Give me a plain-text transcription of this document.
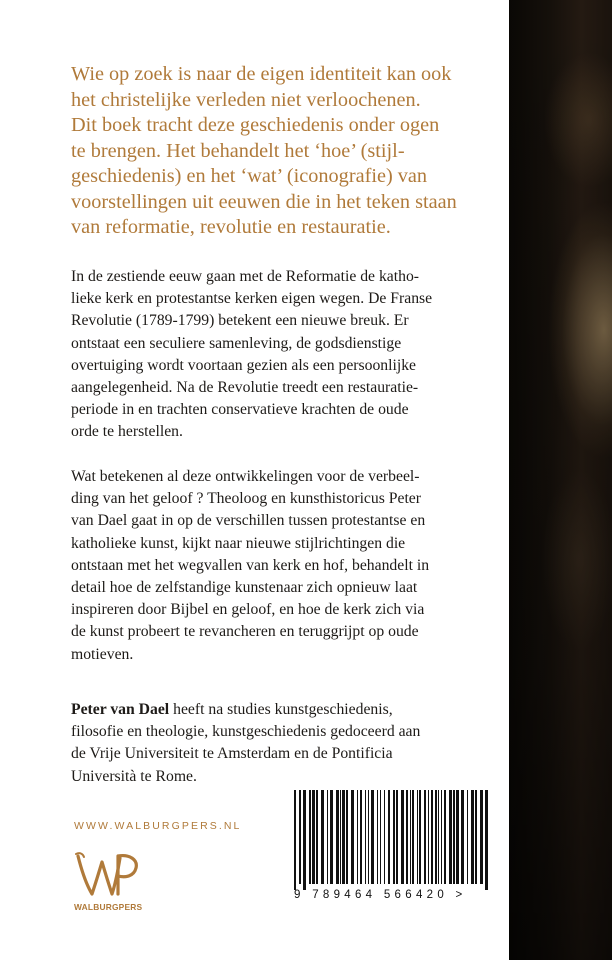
Wie op zoek is naar de eigen identiteit kan ook
het christelijke verleden niet verloochenen.
Dit boek tracht deze geschiedenis onder ogen
te brengen. Het behandelt het ‘hoe’ (stijl-
geschiedenis) en het ‘wat’ (iconografie) van
voorstellingen uit eeuwen die in het teken staan
van reformatie, revolutie en restauratie.

In de zestiende eeuw gaan met de Reformatie de katho-
lieke kerk en protestantse kerken eigen wegen. De Franse
Revolutie (1789-1799) betekent een nieuwe breuk. Er
ontstaat een seculiere samenleving, de godsdienstige
overtuiging wordt voortaan gezien als een persoonlijke
aangelegenheid. Na de Revolutie treedt een restauratie-
periode in en trachten conservatieve krachten de oude
orde te herstellen.

Wat betekenen al deze ontwikkelingen voor de verbeel-
ding van het geloof ? Theoloog en kunsthistoricus Peter
van Dael gaat in op de verschillen tussen protestantse en
katholieke kunst, kijkt naar nieuwe stijlrichtingen die
ontstaan met het wegvallen van kerk en hof, behandelt in
detail hoe de zelfstandige kunstenaar zich opnieuw laat
inspireren door Bijbel en geloof, en hoe de kerk zich via
de kunst probeert te revancheren en teruggrijpt op oude
motieven.

Peter van Dael heeft na studies kunstgeschiedenis,
filosofie en theologie, kunstgeschiedenis gedoceerd aan
de Vrije Universiteit te Amsterdam en de Pontificia
Università te Rome.

WWW.WALBURGPERS.NL
WALBURGPERS
9 789464 566420 >
